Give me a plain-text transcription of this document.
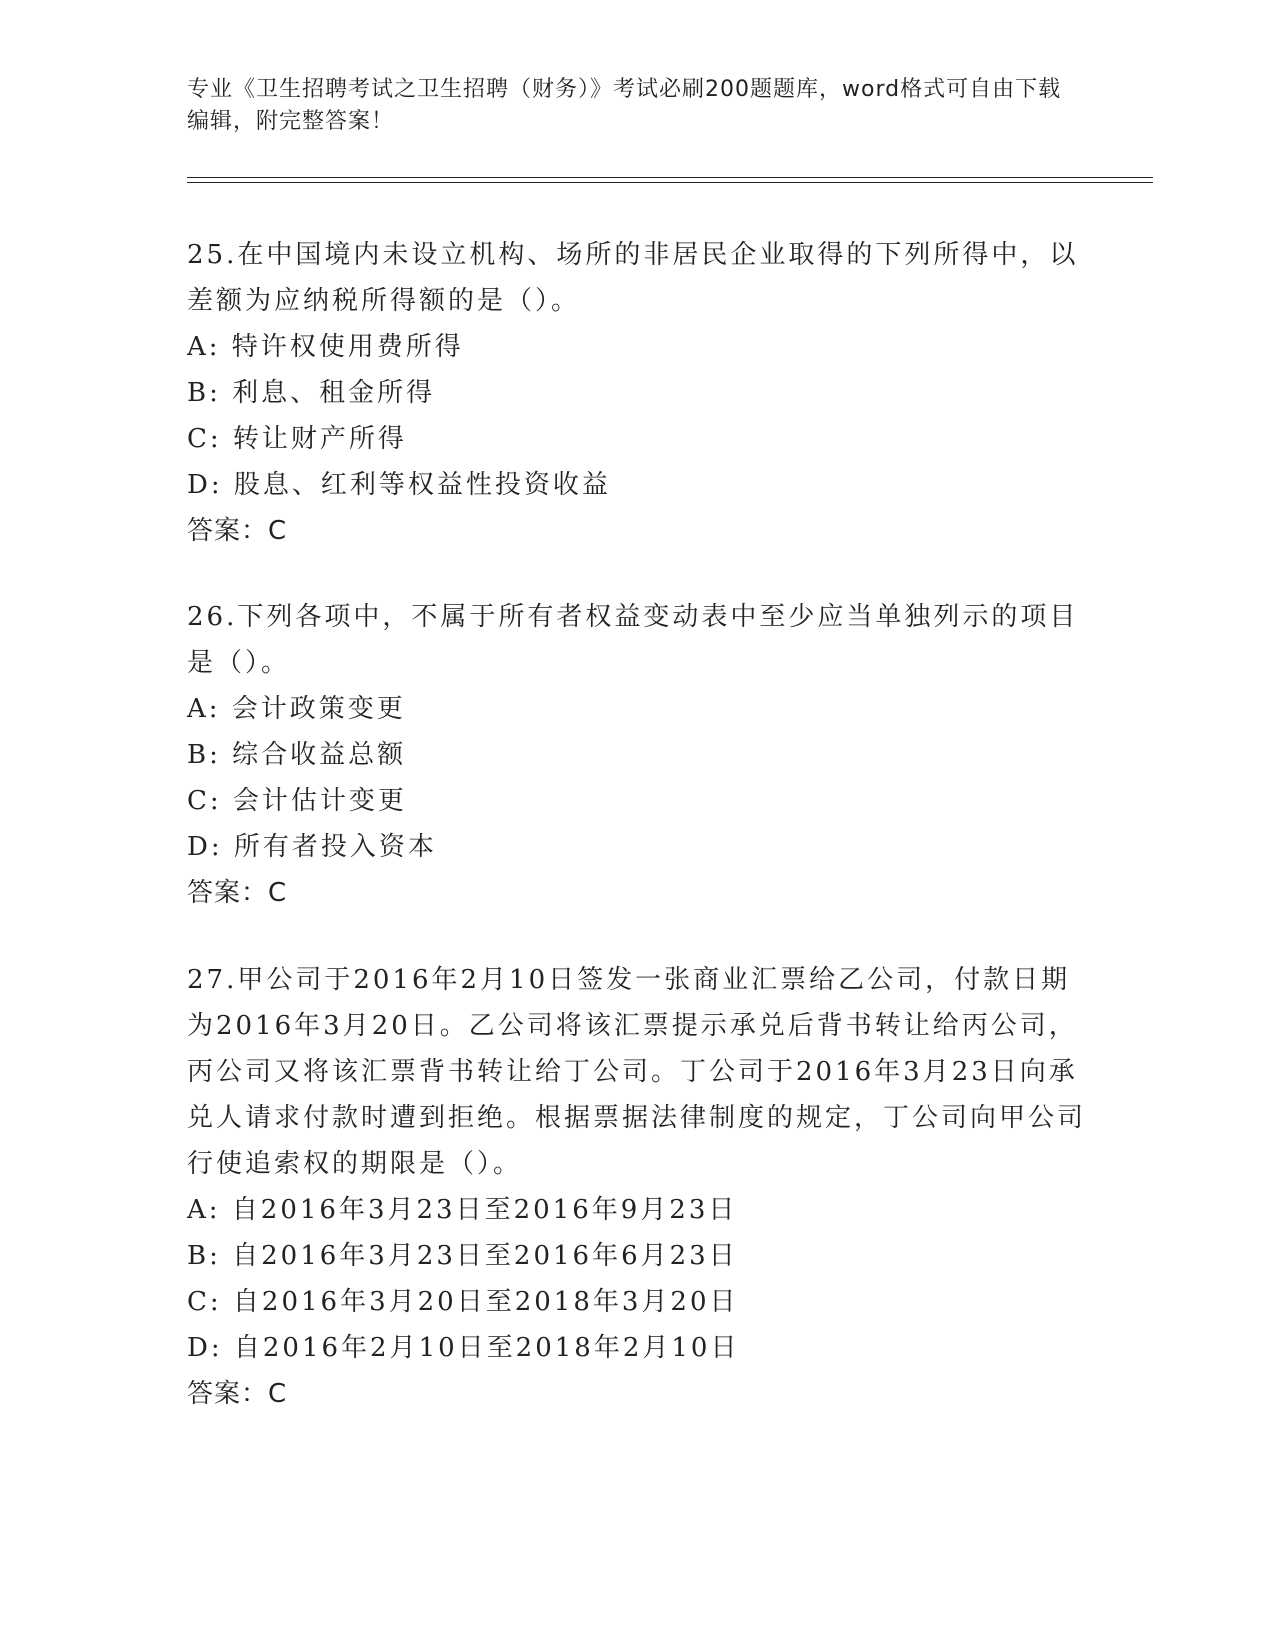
专业《卫生招聘考试之卫生招聘（财务）》考试必刷200题题库，word格式可自由下载编辑，附完整答案！

25.在中国境内未设立机构、场所的非居民企业取得的下列所得中，以差额为应纳税所得额的是（）。

A: 特许权使用费所得

B: 利息、租金所得

C: 转让财产所得

D: 股息、红利等权益性投资收益

答案：C

26.下列各项中，不属于所有者权益变动表中至少应当单独列示的项目是（）。

A: 会计政策变更

B: 综合收益总额

C: 会计估计变更

D: 所有者投入资本

答案：C

27.甲公司于2016年2月10日签发一张商业汇票给乙公司，付款日期为2016年3月20日。乙公司将该汇票提示承兑后背书转让给丙公司，丙公司又将该汇票背书转让给丁公司。丁公司于2016年3月23日向承兑人请求付款时遭到拒绝。根据票据法律制度的规定，丁公司向甲公司行使追索权的期限是（）。

A: 自2016年3月23日至2016年9月23日

B: 自2016年3月23日至2016年6月23日

C: 自2016年3月20日至2018年3月20日

D: 自2016年2月10日至2018年2月10日

答案：C
